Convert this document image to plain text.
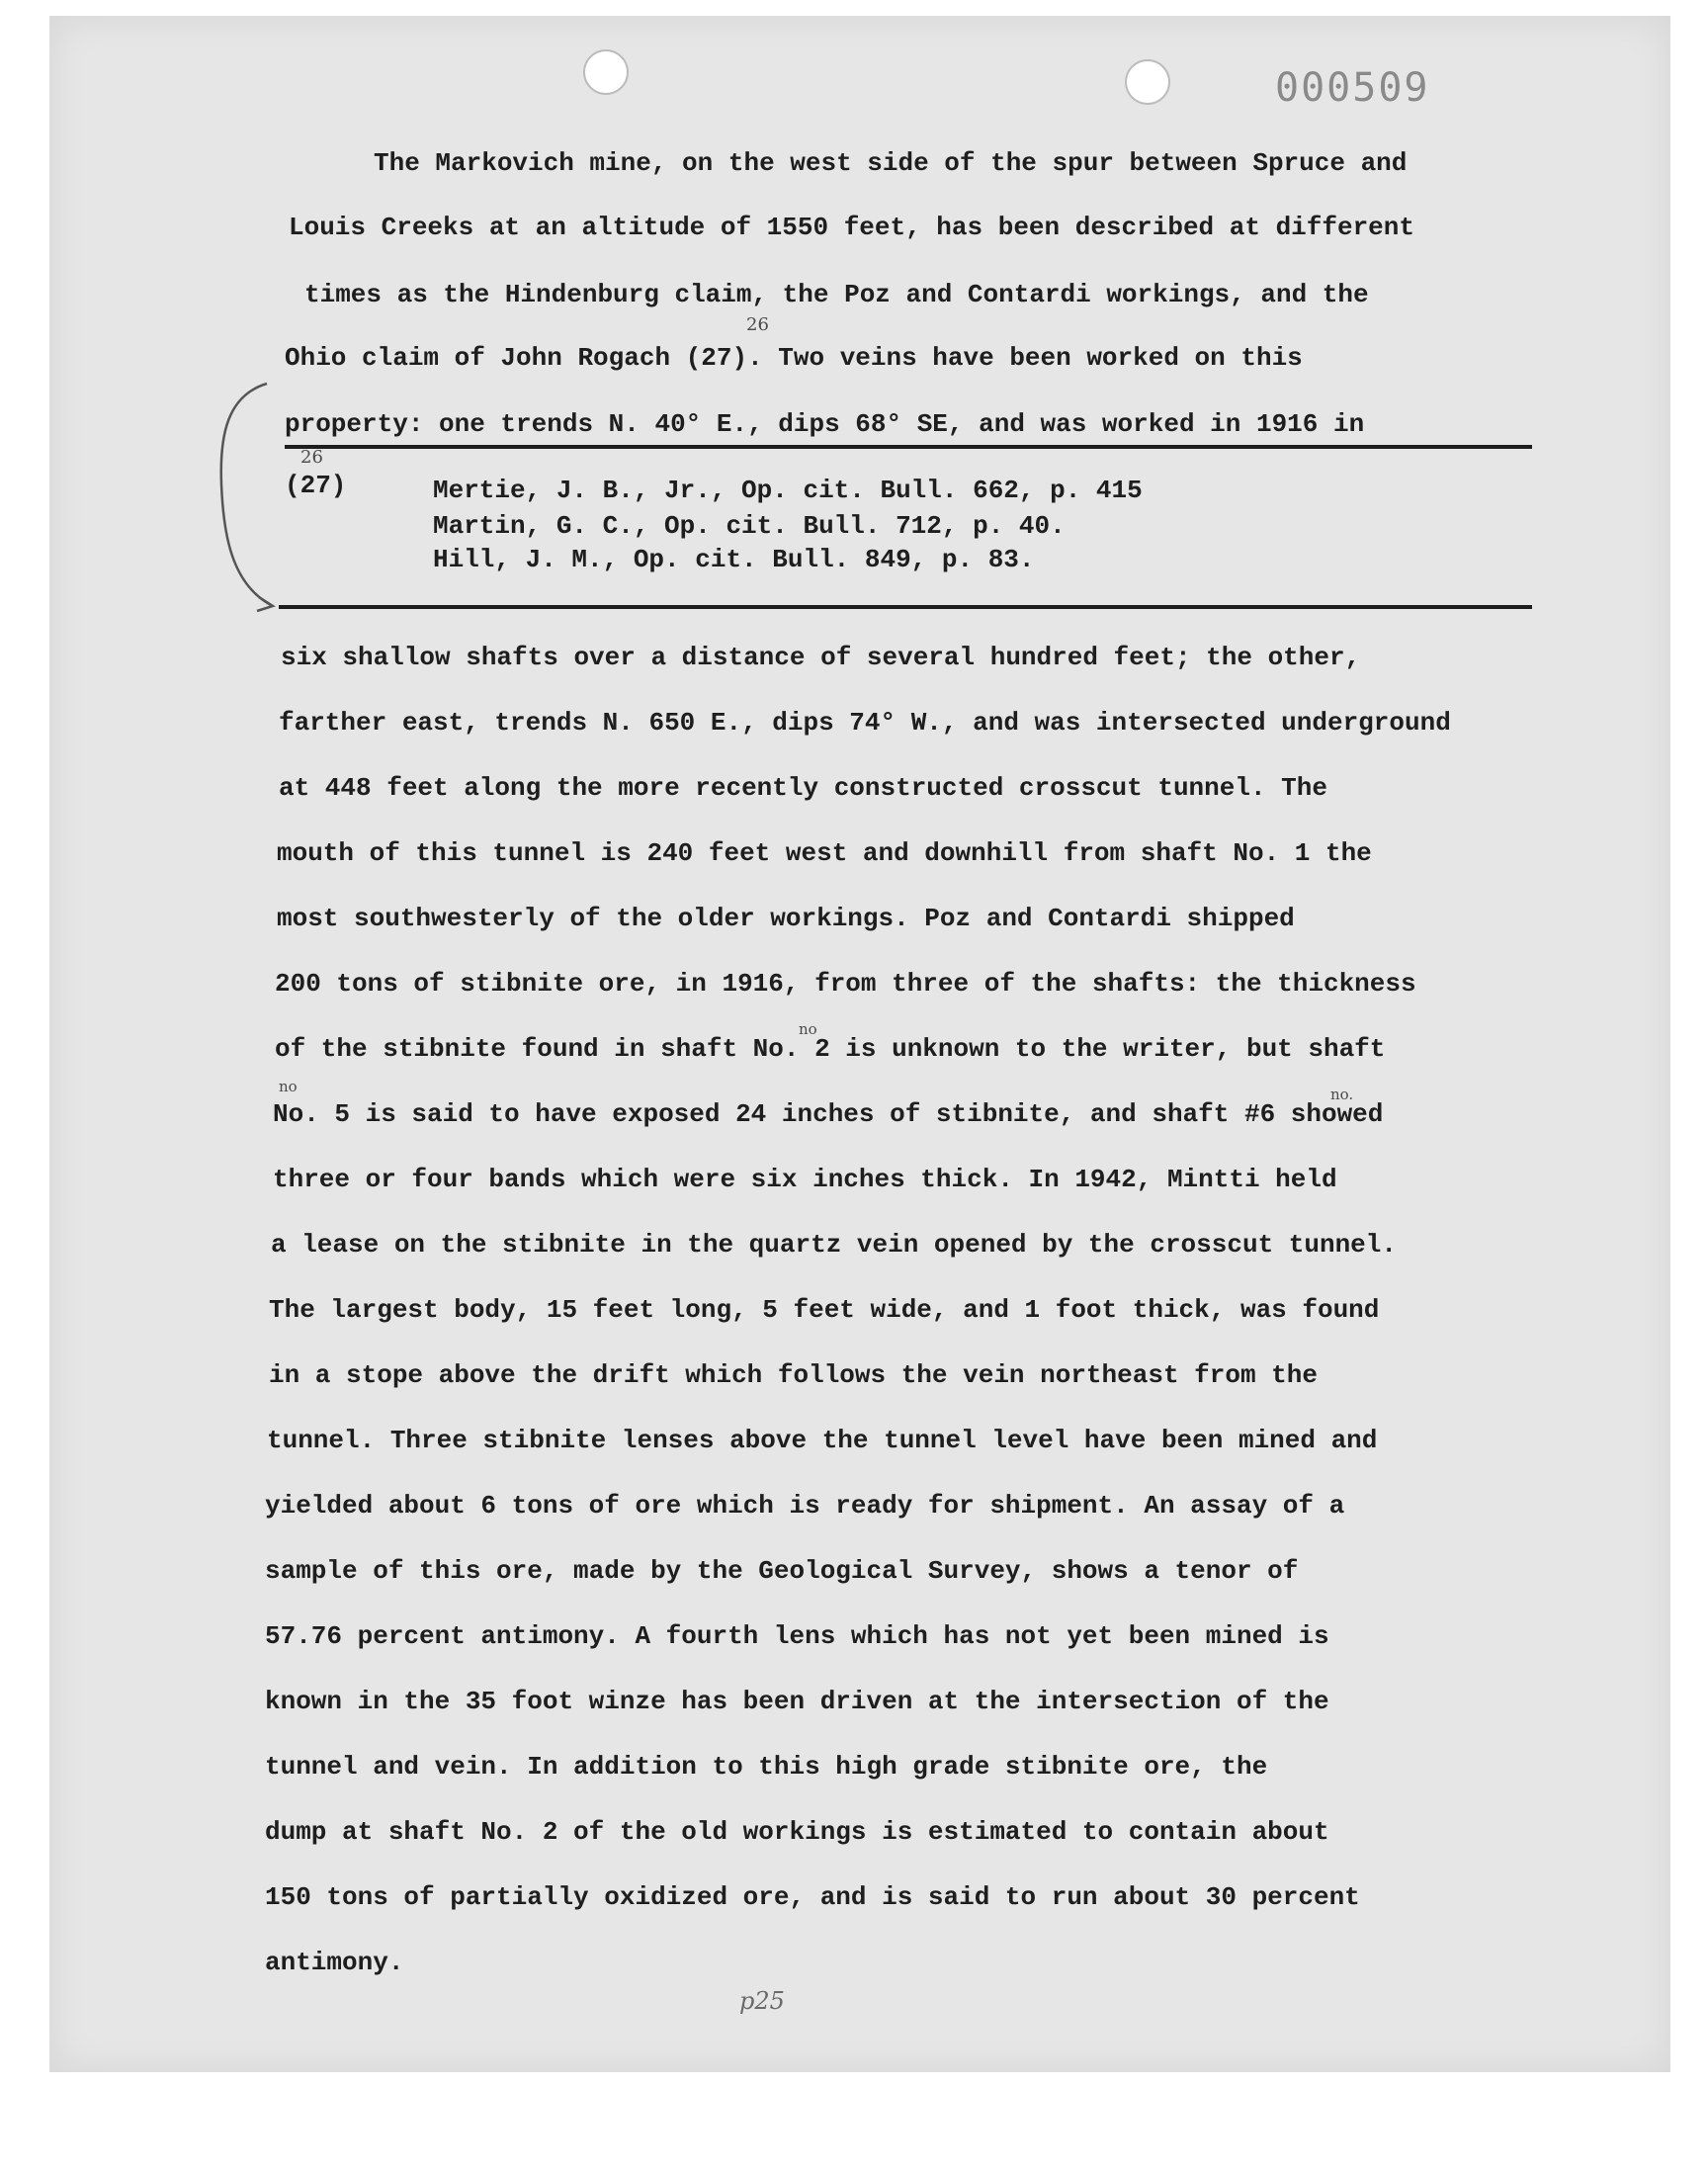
000509
The Markovich mine, on the west side of the spur between Spruce and
Louis Creeks at an altitude of 1550 feet, has been described at different
times as the Hindenburg claim, the Poz and Contardi workings, and the
Ohio claim of John Rogach (27). Two veins have been worked on this
property: one trends N. 40° E., dips 68° SE, and was worked in 1916 in
(27)	Mertie, J. B., Jr., Op. cit. Bull. 662, p. 415
Martin, G. C., Op. cit. Bull. 712, p. 40.
Hill, J. M., Op. cit. Bull. 849, p. 83.
six shallow shafts over a distance of several hundred feet; the other,
farther east, trends N. 650 E., dips 74° W., and was intersected underground
at 448 feet along the more recently constructed crosscut tunnel. The
mouth of this tunnel is 240 feet west and downhill from shaft No. 1 the
most southwesterly of the older workings. Poz and Contardi shipped
200 tons of stibnite ore, in 1916, from three of the shafts: the thickness
of the stibnite found in shaft No. 2 is unknown to the writer, but shaft
No. 5 is said to have exposed 24 inches of stibnite, and shaft #6 showed
three or four bands which were six inches thick. In 1942, Mintti held
a lease on the stibnite in the quartz vein opened by the crosscut tunnel.
The largest body, 15 feet long, 5 feet wide, and 1 foot thick, was found
in a stope above the drift which follows the vein northeast from the
tunnel. Three stibnite lenses above the tunnel level have been mined and
yielded about 6 tons of ore which is ready for shipment. An assay of a
sample of this ore, made by the Geological Survey, shows a tenor of
57.76 percent antimony. A fourth lens which has not yet been mined is
known in the 35 foot winze has been driven at the intersection of the
tunnel and vein. In addition to this high grade stibnite ore, the
dump at shaft No. 2 of the old workings is estimated to contain about
150 tons of partially oxidized ore, and is said to run about 30 percent
antimony.
26
26
no
no	no.
p25
